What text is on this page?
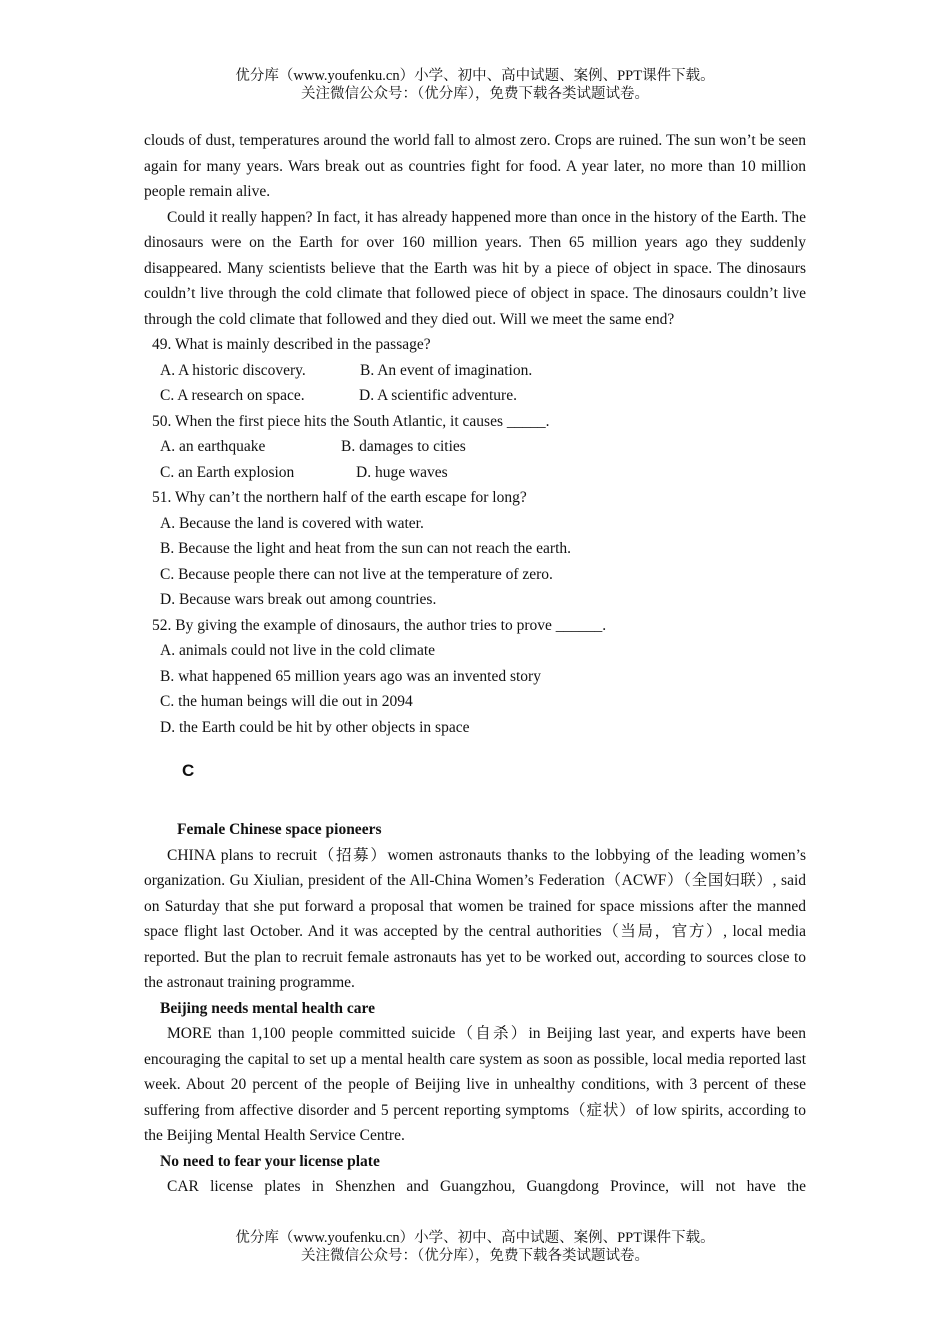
优分库（www.youfenku.cn）小学、初中、高中试题、案例、PPT课件下载。
关注微信公众号：（优分库），免费下载各类试题试卷。

clouds of dust, temperatures around the world fall to almost zero. Crops are ruined. The sun won’t be seen again for many years. Wars break out as countries fight for food. A year later, no more than 10 million people remain alive.

Could it really happen? In fact, it has already happened more than once in the history of the Earth. The dinosaurs were on the Earth for over 160 million years. Then 65 million years ago they suddenly disappeared. Many scientists believe that the Earth was hit by a piece of object in space. The dinosaurs couldn’t live through the cold climate that followed piece of object in space. The dinosaurs couldn’t live through the cold climate that followed and they died out. Will we meet the same end?

49. What is mainly described in the passage?

A. A historic discovery.	B. An event of imagination.

C. A research on space.	D. A scientific adventure.

50. When the first piece hits the South Atlantic, it causes _____.

A. an earthquake	B. damages to cities

C. an Earth explosion	D. huge waves

51. Why can’t the northern half of the earth escape for long?

A. Because the land is covered with water.

B. Because the light and heat from the sun can not reach the earth.

C. Because people there can not live at the temperature of zero.

D. Because wars break out among countries.

52. By giving the example of dinosaurs, the author tries to prove ______.

A. animals could not live in the cold climate

B. what happened 65 million years ago was an invented story

C. the human beings will die out in 2094

D. the Earth could be hit by other objects in space

C

Female Chinese space pioneers

CHINA plans to recruit（招募）women astronauts thanks to the lobbying of the leading women’s organization. Gu Xiulian, president of the All-China Women’s Federation（ACWF）（全国妇联）, said on Saturday that she put forward a proposal that women be trained for space missions after the manned space flight last October. And it was accepted by the central authorities（当局，官方）, local media reported. But the plan to recruit female astronauts has yet to be worked out, according to sources close to the astronaut training programme.

Beijing needs mental health care

MORE than 1,100 people committed suicide（自杀）in Beijing last year, and experts have been encouraging the capital to set up a mental health care system as soon as possible, local media reported last week. About 20 percent of the people of Beijing live in unhealthy conditions, with 3 percent of these suffering from affective disorder and 5 percent reporting symptoms（症状）of low spirits, according to the Beijing Mental Health Service Centre.

No need to fear your license plate

CAR license plates in Shenzhen and Guangzhou, Guangdong Province, will not have the

优分库（www.youfenku.cn）小学、初中、高中试题、案例、PPT课件下载。
关注微信公众号：（优分库），免费下载各类试题试卷。
